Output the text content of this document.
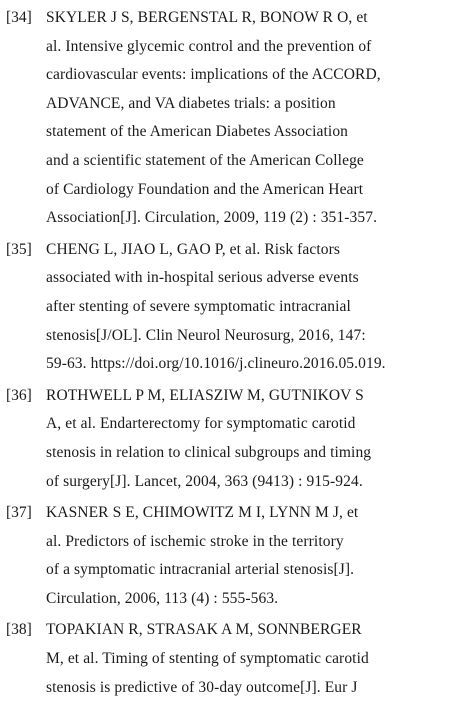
[34] SKYLER J S, BERGENSTAL R, BONOW R O, et
al. Intensive glycemic control and the prevention of
cardiovascular events: implications of the ACCORD,
ADVANCE, and VA diabetes trials: a position
statement of the American Diabetes Association
and a scientific statement of the American College
of Cardiology Foundation and the American Heart
Association[J]. Circulation, 2009, 119 (2) : 351-357.
[35] CHENG L, JIAO L, GAO P, et al. Risk factors
associated with in-hospital serious adverse events
after stenting of severe symptomatic intracranial
stenosis[J/OL]. Clin Neurol Neurosurg, 2016, 147:
59-63. https://doi.org/10.1016/j.clineuro.2016.05.019.
[36] ROTHWELL P M, ELIASZIW M, GUTNIKOV S
A, et al. Endarterectomy for symptomatic carotid
stenosis in relation to clinical subgroups and timing
of surgery[J]. Lancet, 2004, 363 (9413) : 915-924.
[37] KASNER S E, CHIMOWITZ M I, LYNN M J, et
al. Predictors of ischemic stroke in the territory
of a symptomatic intracranial arterial stenosis[J].
Circulation, 2006, 113 (4) : 555-563.
[38] TOPAKIAN R, STRASAK A M, SONNBERGER
M, et al. Timing of stenting of symptomatic carotid
stenosis is predictive of 30-day outcome[J]. Eur J
